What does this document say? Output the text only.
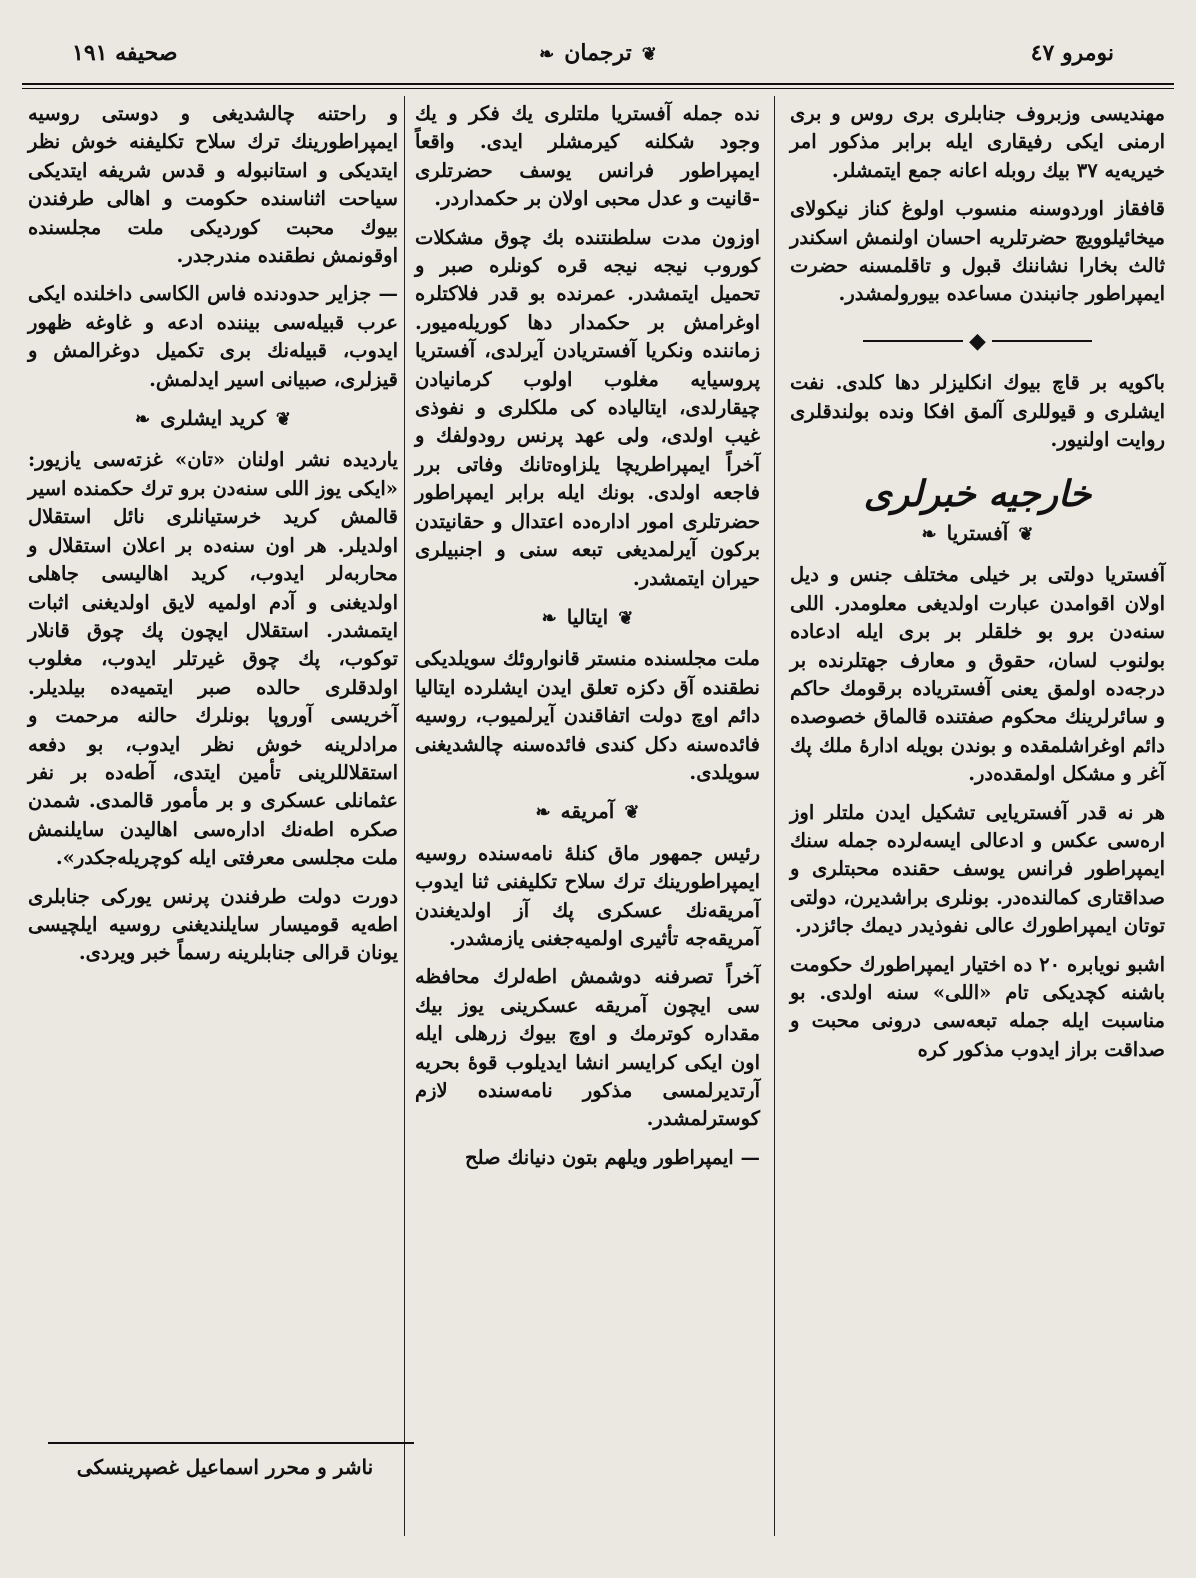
نومرو ٤٧
❦ترجمان❧
صحیفه ١٩١

مهندیسی وزبروف جنابلری بری روس و بری ارمنی ایکی رفیقاری ایله برابر مذکور امر خیریه‌یه ٣٧ بیك روبله اعانه جمع ایتمشلر.

قافقاز اوردوسنه منسوب اولوغ کناز نیکولای میخائیلوویچ حضرتلریه احسان اولنمش اسکندر ثالث بخارا نشاننك قبول و تاقلمسنه حضرت ایمپراطور جانبندن مساعده بیورولمشدر.

◆

باکویه بر قاچ بیوك انکلیزلر دها کلدی. نفت ایشلری و قیوللری آلمق افکا ونده بولندقلری روایت اولنیور.

خارجیه خبرلری
❦آفستریا❧

آفستریا دولتی بر خیلی مختلف جنس و دیل اولان اقوامدن عبارت اولدیغی معلومدر. اللی سنه‌دن برو بو خلقلر بر بری ایله ادعاده بولنوب لسان، حقوق و معارف جهتلرنده بر درجه‌ده اولمق یعنی آفستریاده برقومك حاکم و سائرلرینك محکوم صفتنده قالماق خصوصده دائم اوغراشلمقده و بوندن بویله ادارهٔ ملك پك آغر و مشکل اولمقده‌در.

هر نه قدر آفستریایی تشکیل ایدن ملتلر اوز اره‌سی عکس و ادعالی ایسه‌لرده جمله سنك ایمپراطور فرانس یوسف حقنده محبتلری و صداقتاری کمالنده‌در. بونلری براشدیرن، دولتی توتان ایمپراطورك عالی نفوذیدر دیمك جائزدر.

اشبو نویابره ٢٠ ده اختیار ایمپراطورك حکومت باشنه کچدیکی تام «اللی» سنه اولدی. بو مناسبت ایله جمله تبعه‌سی درونی محبت و صداقت براز ایدوب مذکور کره

نده جمله آفستریا ملتلری یك فکر و یك وجود شکلنه کیرمشلر ایدی. واقعاً ایمپراطور فرانس یوسف حضرتلری -قانیت و عدل محبی اولان بر حکمداردر.

اوزون مدت سلطنتنده بك چوق مشکلات کوروب نیجه نیجه قره کونلره صبر و تحمیل ایتمشدر. عمرنده بو قدر فلاکتلره اوغرامش بر حکمدار دها کوریله‌میور. زماننده ونکریا آفستریادن آیرلدی، آفستریا پروسیایه مغلوب اولوب کرمانیادن چیقارلدی، ایتالیاده کی ملکلری و نفوذی غیب اولدی، ولی عهد پرنس رودولفك و آخراً ایمپراطریچا یلزاوه‌تانك وفاتی برر فاجعه اولدی. بونك ایله برابر ایمپراطور حضرتلری امور اداره‌ده اعتدال و حقانیتدن برکون آیرلمدیغی تبعه سنی و اجنبیلری حیران ایتمشدر.

❦ایتالیا❧

ملت مجلسنده منستر قانواروئك سویلدیکی نطقنده آق دکزه تعلق ایدن ایشلرده ایتالیا دائم اوچ دولت اتفاقندن آیرلمیوب، روسیه فائده‌سنه دکل کندی فائده‌سنه چالشدیغنی سویلدی.

❦آمریقه❧

رئیس جمهور ماق کنلهٔ نامه‌سنده روسیه ایمپراطورینك ترك سلاح تکلیفنی ثنا ایدوب آمریقه‌نك عسکری پك آز اولدیغندن آمریقه‌جه تأثیری اولمیه‌جغنی یازمشدر.

آخراً تصرفنه دوشمش اطه‌لرك محافظه سی ایچون آمریقه عسکرینی یوز بیك مقداره کوترمك و اوچ بیوك زرهلی ایله اون ایکی کرایسر انشا ایدیلوب قوهٔ بحریه آرتدیرلمسی مذکور نامه‌سنده لازم کوسترلمشدر.

— ایمپراطور ویلهم بتون دنیانك صلح

و راحتنه چالشدیغی و دوستی روسیه ایمپراطورینك ترك سلاح تکلیفنه خوش نظر ایتدیکی و استانبوله و قدس شریفه ایتدیکی سیاحت اثناسنده حکومت و اهالی طرفندن بیوك محبت کوردیکی ملت مجلسنده اوقونمش نطقنده مندرجدر.

— جزایر حدودنده فاس الکاسی داخلنده ایکی عرب قبیله‌سی بیننده ادعه و غاوغه ظهور ایدوب، قبیله‌نك بری تکمیل دوغرالمش و قیزلری، صبیانی اسیر ایدلمش.

❦کرید ایشلری❧

یاردیده نشر اولنان «تان» غزته‌سی یازیور: «ایکی یوز اللی سنه‌دن برو ترك حکمنده اسیر قالمش کرید خرستیانلری نائل استقلال اولدیلر. هر اون سنه‌ده بر اعلان استقلال و محاربه‌لر ایدوب، کرید اهالیسی جاهلی اولدیغنی و آدم اولمیه لایق اولدیغنی اثبات ایتمشدر. استقلال ایچون پك چوق قانلار توکوب، پك چوق غیرتلر ایدوب، مغلوب اولدقلری حالده صبر ایتمیه‌ده بیلدیلر. آخریسی آوروپا بونلرك حالنه مرحمت و مرادلرینه خوش نظر ایدوب، بو دفعه استقلاللرینی تأمین ایتدی، آطه‌ده بر نفر عثمانلی عسکری و بر مأمور قالمدی. شمدن صکره اطه‌نك اداره‌سی اهالیدن سایلنمش ملت مجلسی معرفتی ایله کوچریله‌جکدر».

دورت دولت طرفندن پرنس یورکی جنابلری اطه‌یه قومیسار سایلندیغنی روسیه ایلچیسی یونان قرالی جنابلرینه رسماً خبر ویردی.

ناشر و محرر اسماعیل غصپرینسکی
